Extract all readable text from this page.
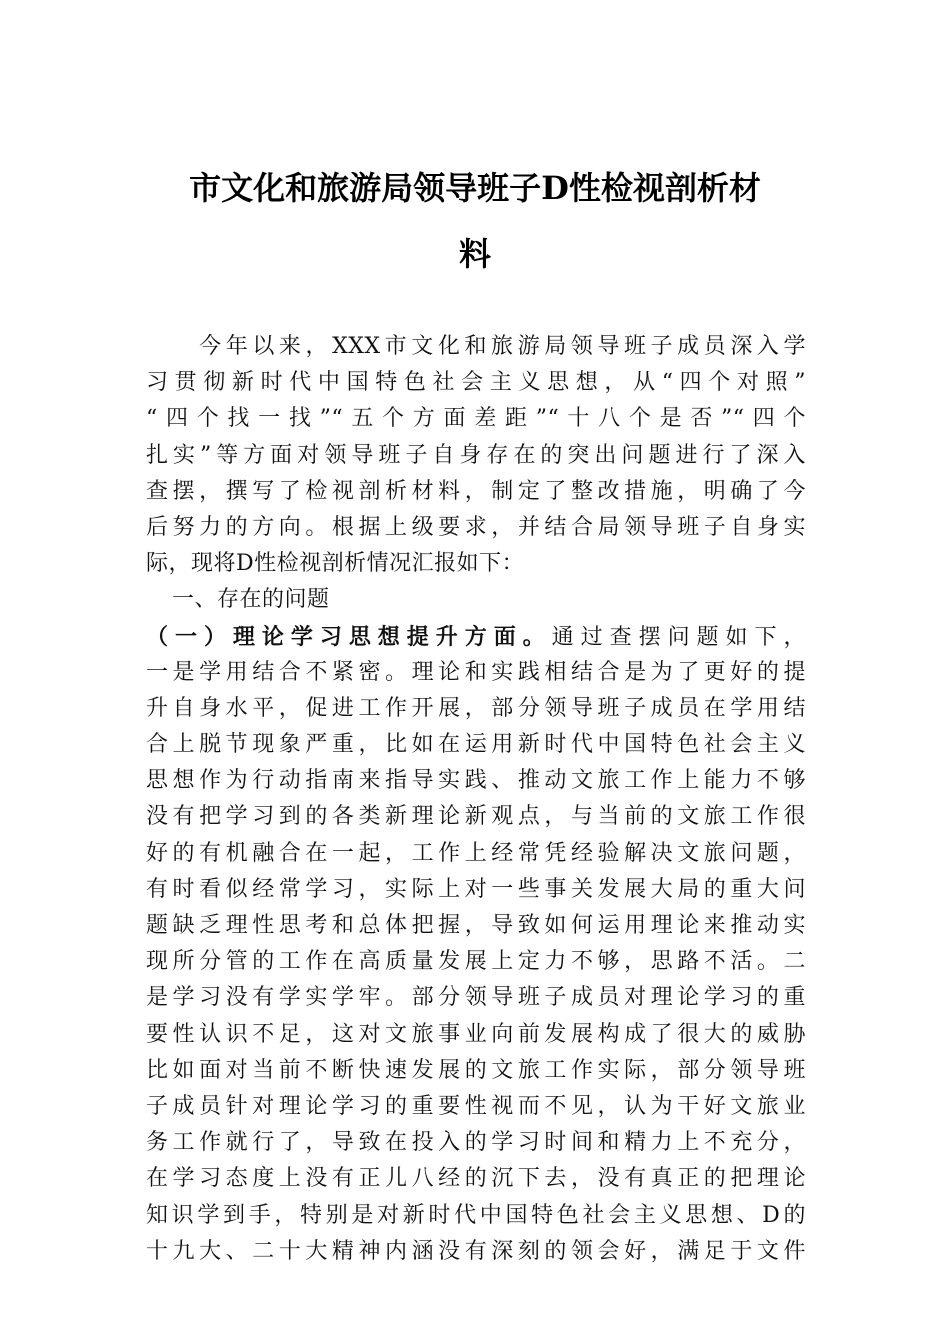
市文化和旅游局领导班子D性检视剖析材
料
　　今年以来，XXX市文化和旅游局领导班子成员深入学
习贯彻新时代中国特色社会主义思想，从“四个对照”
“四个找一找”“五个方面差距”“十八个是否”“四个
扎实”等方面对领导班子自身存在的突出问题进行了深入
查摆，撰写了检视剖析材料，制定了整改措施，明确了今
后努力的方向。根据上级要求，并结合局领导班子自身实
际，现将D性检视剖析情况汇报如下：
一、存在的问题
（一）理论学习思想提升方面。通过查摆问题如下，
一是学用结合不紧密。理论和实践相结合是为了更好的提
升自身水平，促进工作开展，部分领导班子成员在学用结
合上脱节现象严重，比如在运用新时代中国特色社会主义
思想作为行动指南来指导实践、推动文旅工作上能力不够
没有把学习到的各类新理论新观点，与当前的文旅工作很
好的有机融合在一起，工作上经常凭经验解决文旅问题，
有时看似经常学习，实际上对一些事关发展大局的重大问
题缺乏理性思考和总体把握，导致如何运用理论来推动实
现所分管的工作在高质量发展上定力不够，思路不活。二
是学习没有学实学牢。部分领导班子成员对理论学习的重
要性认识不足，这对文旅事业向前发展构成了很大的威胁
比如面对当前不断快速发展的文旅工作实际，部分领导班
子成员针对理论学习的重要性视而不见，认为干好文旅业
务工作就行了，导致在投入的学习时间和精力上不充分，
在学习态度上没有正儿八经的沉下去，没有真正的把理论
知识学到手，特别是对新时代中国特色社会主义思想、D的
十九大、二十大精神内涵没有深刻的领会好，满足于文件
